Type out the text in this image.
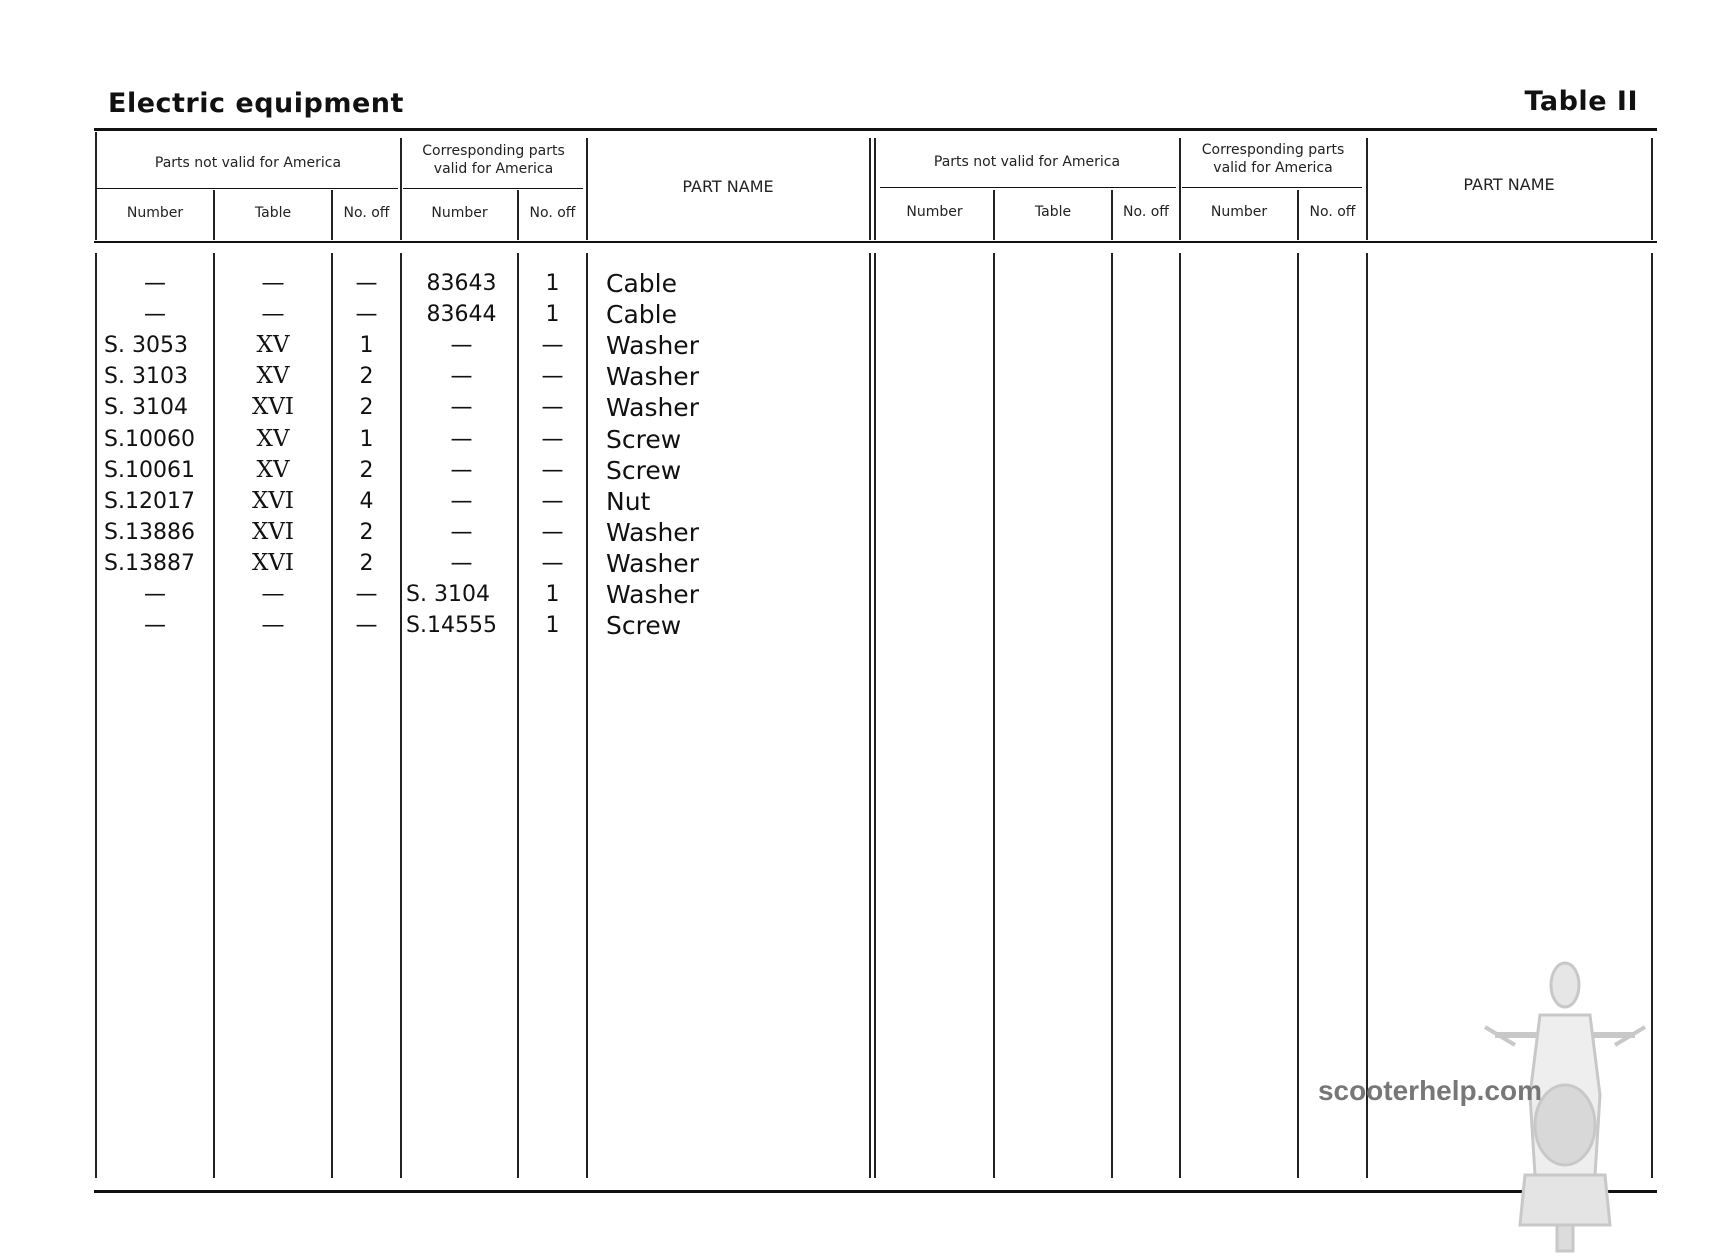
Electric equipment	Table II
Parts not valid for America
Corresponding parts
valid for America
PART NAME
Number	Table	No. off	Number	No. off
Parts not valid for America
Corresponding parts
valid for America
PART NAME
Number	Table	No. off	Number	No. off
—	—	—	83643	1	Cable
—	—	—	83644	1	Cable
S. 3053	XV	1	—	—	Washer
S. 3103	XV	2	—	—	Washer
S. 3104	XVI	2	—	—	Washer
S.10060	XV	1	—	—	Screw
S.10061	XV	2	—	—	Screw
S.12017	XVI	4	—	—	Nut
S.13886	XVI	2	—	—	Washer
S.13887	XVI	2	—	—	Washer
—	—	—	S. 3104	1	Washer
—	—	—	S.14555	1	Screw
scooterhelp.com
